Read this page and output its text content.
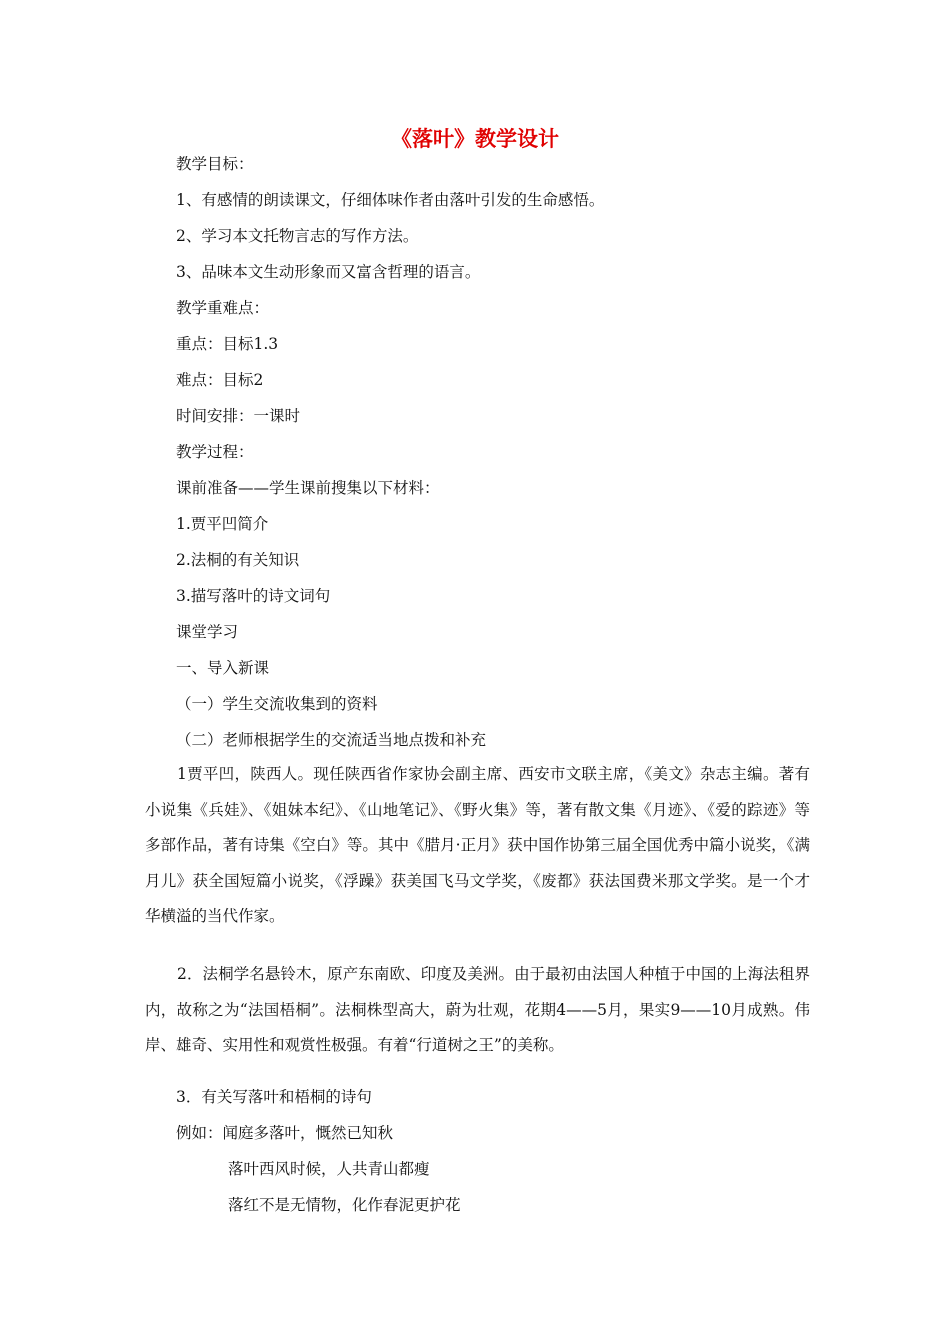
《落叶》教学设计
教学目标：
1、有感情的朗读课文，仔细体味作者由落叶引发的生命感悟。
2、学习本文托物言志的写作方法。
3、品味本文生动形象而又富含哲理的语言。
教学重难点：
重点：目标1.3
难点：目标2
时间安排：一课时
教学过程：
课前准备——学生课前搜集以下材料：
1.贾平凹简介
2.法桐的有关知识
3.描写落叶的诗文词句
课堂学习
一、导入新课
（一）学生交流收集到的资料
（二）老师根据学生的交流适当地点拨和补充
1贾平凹，陕西人。现任陕西省作家协会副主席、西安市文联主席，《美文》杂志主编。著有小说集《兵娃》、《姐妹本纪》、《山地笔记》、《野火集》等，著有散文集《月迹》、《爱的踪迹》等多部作品，著有诗集《空白》等。其中《腊月·正月》获中国作协第三届全国优秀中篇小说奖，《满月儿》获全国短篇小说奖，《浮躁》获美国飞马文学奖，《废都》获法国费米那文学奖。是一个才华横溢的当代作家。
2．法桐学名悬铃木，原产东南欧、印度及美洲。由于最初由法国人种植于中国的上海法租界内，故称之为“法国梧桐”。法桐株型高大，蔚为壮观，花期4——5月，果实9——10月成熟。伟岸、雄奇、实用性和观赏性极强。有着“行道树之王”的美称。
3．有关写落叶和梧桐的诗句
例如：闻庭多落叶，慨然已知秋
落叶西风时候，人共青山都瘦
落红不是无情物，化作春泥更护花
